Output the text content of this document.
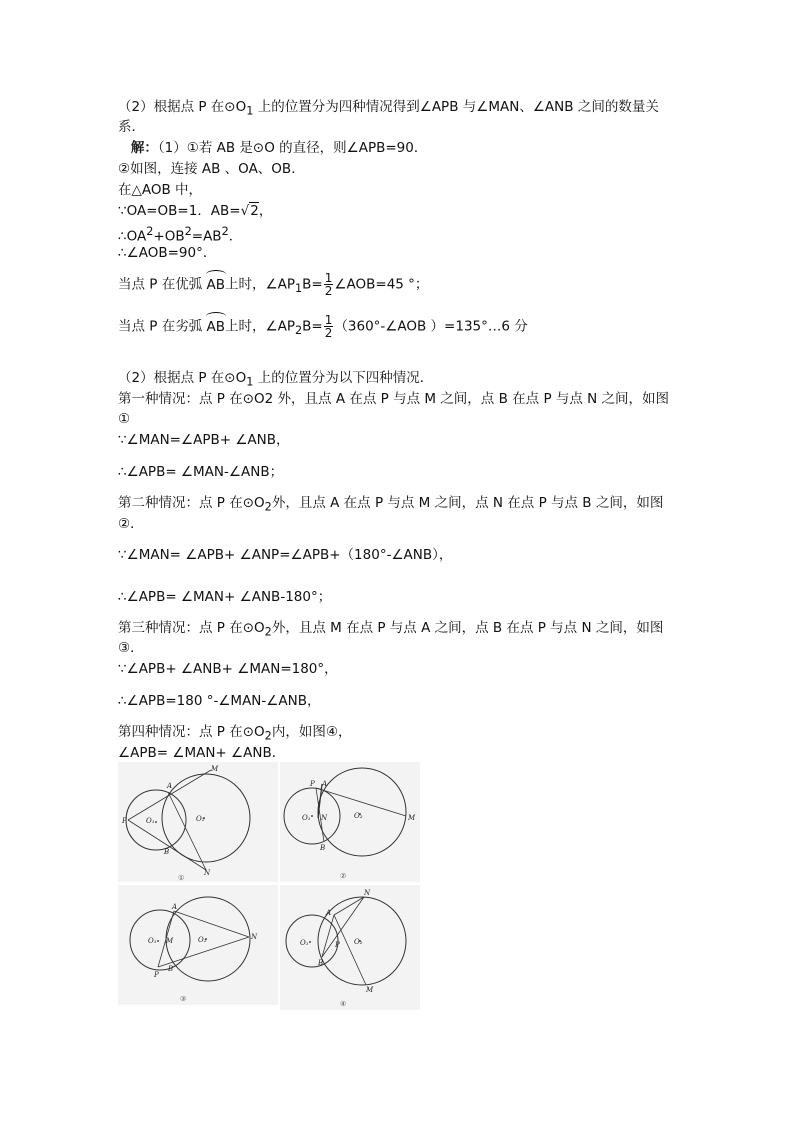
（2）根据点 P 在$⊙O_1$ 上的位置分为四种情况得到∠APB 与∠MAN、∠ANB 之间的数量关
系．
解：（1）①若 AB 是⊙O 的直径，则∠APB=90．
②如图，连接 AB 、OA、OB．
在△AOB 中，
∵OA=OB=1．AB=√2，
$\therefore OA^2+OB^2=AB^2$．
∴∠AOB=90°．
当点 P 在优弧 AB上时，$\angle AP_1B= \frac{1}{2}$ ∠AOB=45 °；
当点 P 在劣弧 AB上时，$\angle AP_2B= \frac{1}{2}$ （360°-∠AOB ）=135°…6 分
（2）根据点 P 在$⊙O_1$ 上的位置分为以下四种情况．
第一种情况：点 P 在⊙O2 外，且点 A 在点 P 与点 M 之间，点 B 在点 P 与点 N 之间，如图
①
∵∠MAN=∠APB+ ∠ANB，
∴∠APB= ∠MAN-∠ANB；
第二种情况：点 P 在$⊙O_2$外，且点 A 在点 P 与点 M 之间，点 N 在点 P 与点 B 之间，如图
②．
∵∠MAN= ∠APB+ ∠ANP=∠APB+（180°-∠ANB），
∴∠APB= ∠MAN+ ∠ANB-180°；
第三种情况：点 P 在$⊙O_2$外，且点 M 在点 P 与点 A 之间，点 B 在点 P 与点 N 之间，如图
③．
∵∠APB+ ∠ANB+ ∠MAN=180°，
∴∠APB=180 °-∠MAN-∠ANB，
第四种情况：点 P 在$⊙O_2$内，如图④，
∠APB= ∠MAN+ ∠ANB．
P
A
B
M
N
O₁	O₂
①
P A
B
M
N
O₁	O₂
②
P
A
B
M	N
O₁	O₂
③
P
A
B
M
N
O₁	O₂
④
